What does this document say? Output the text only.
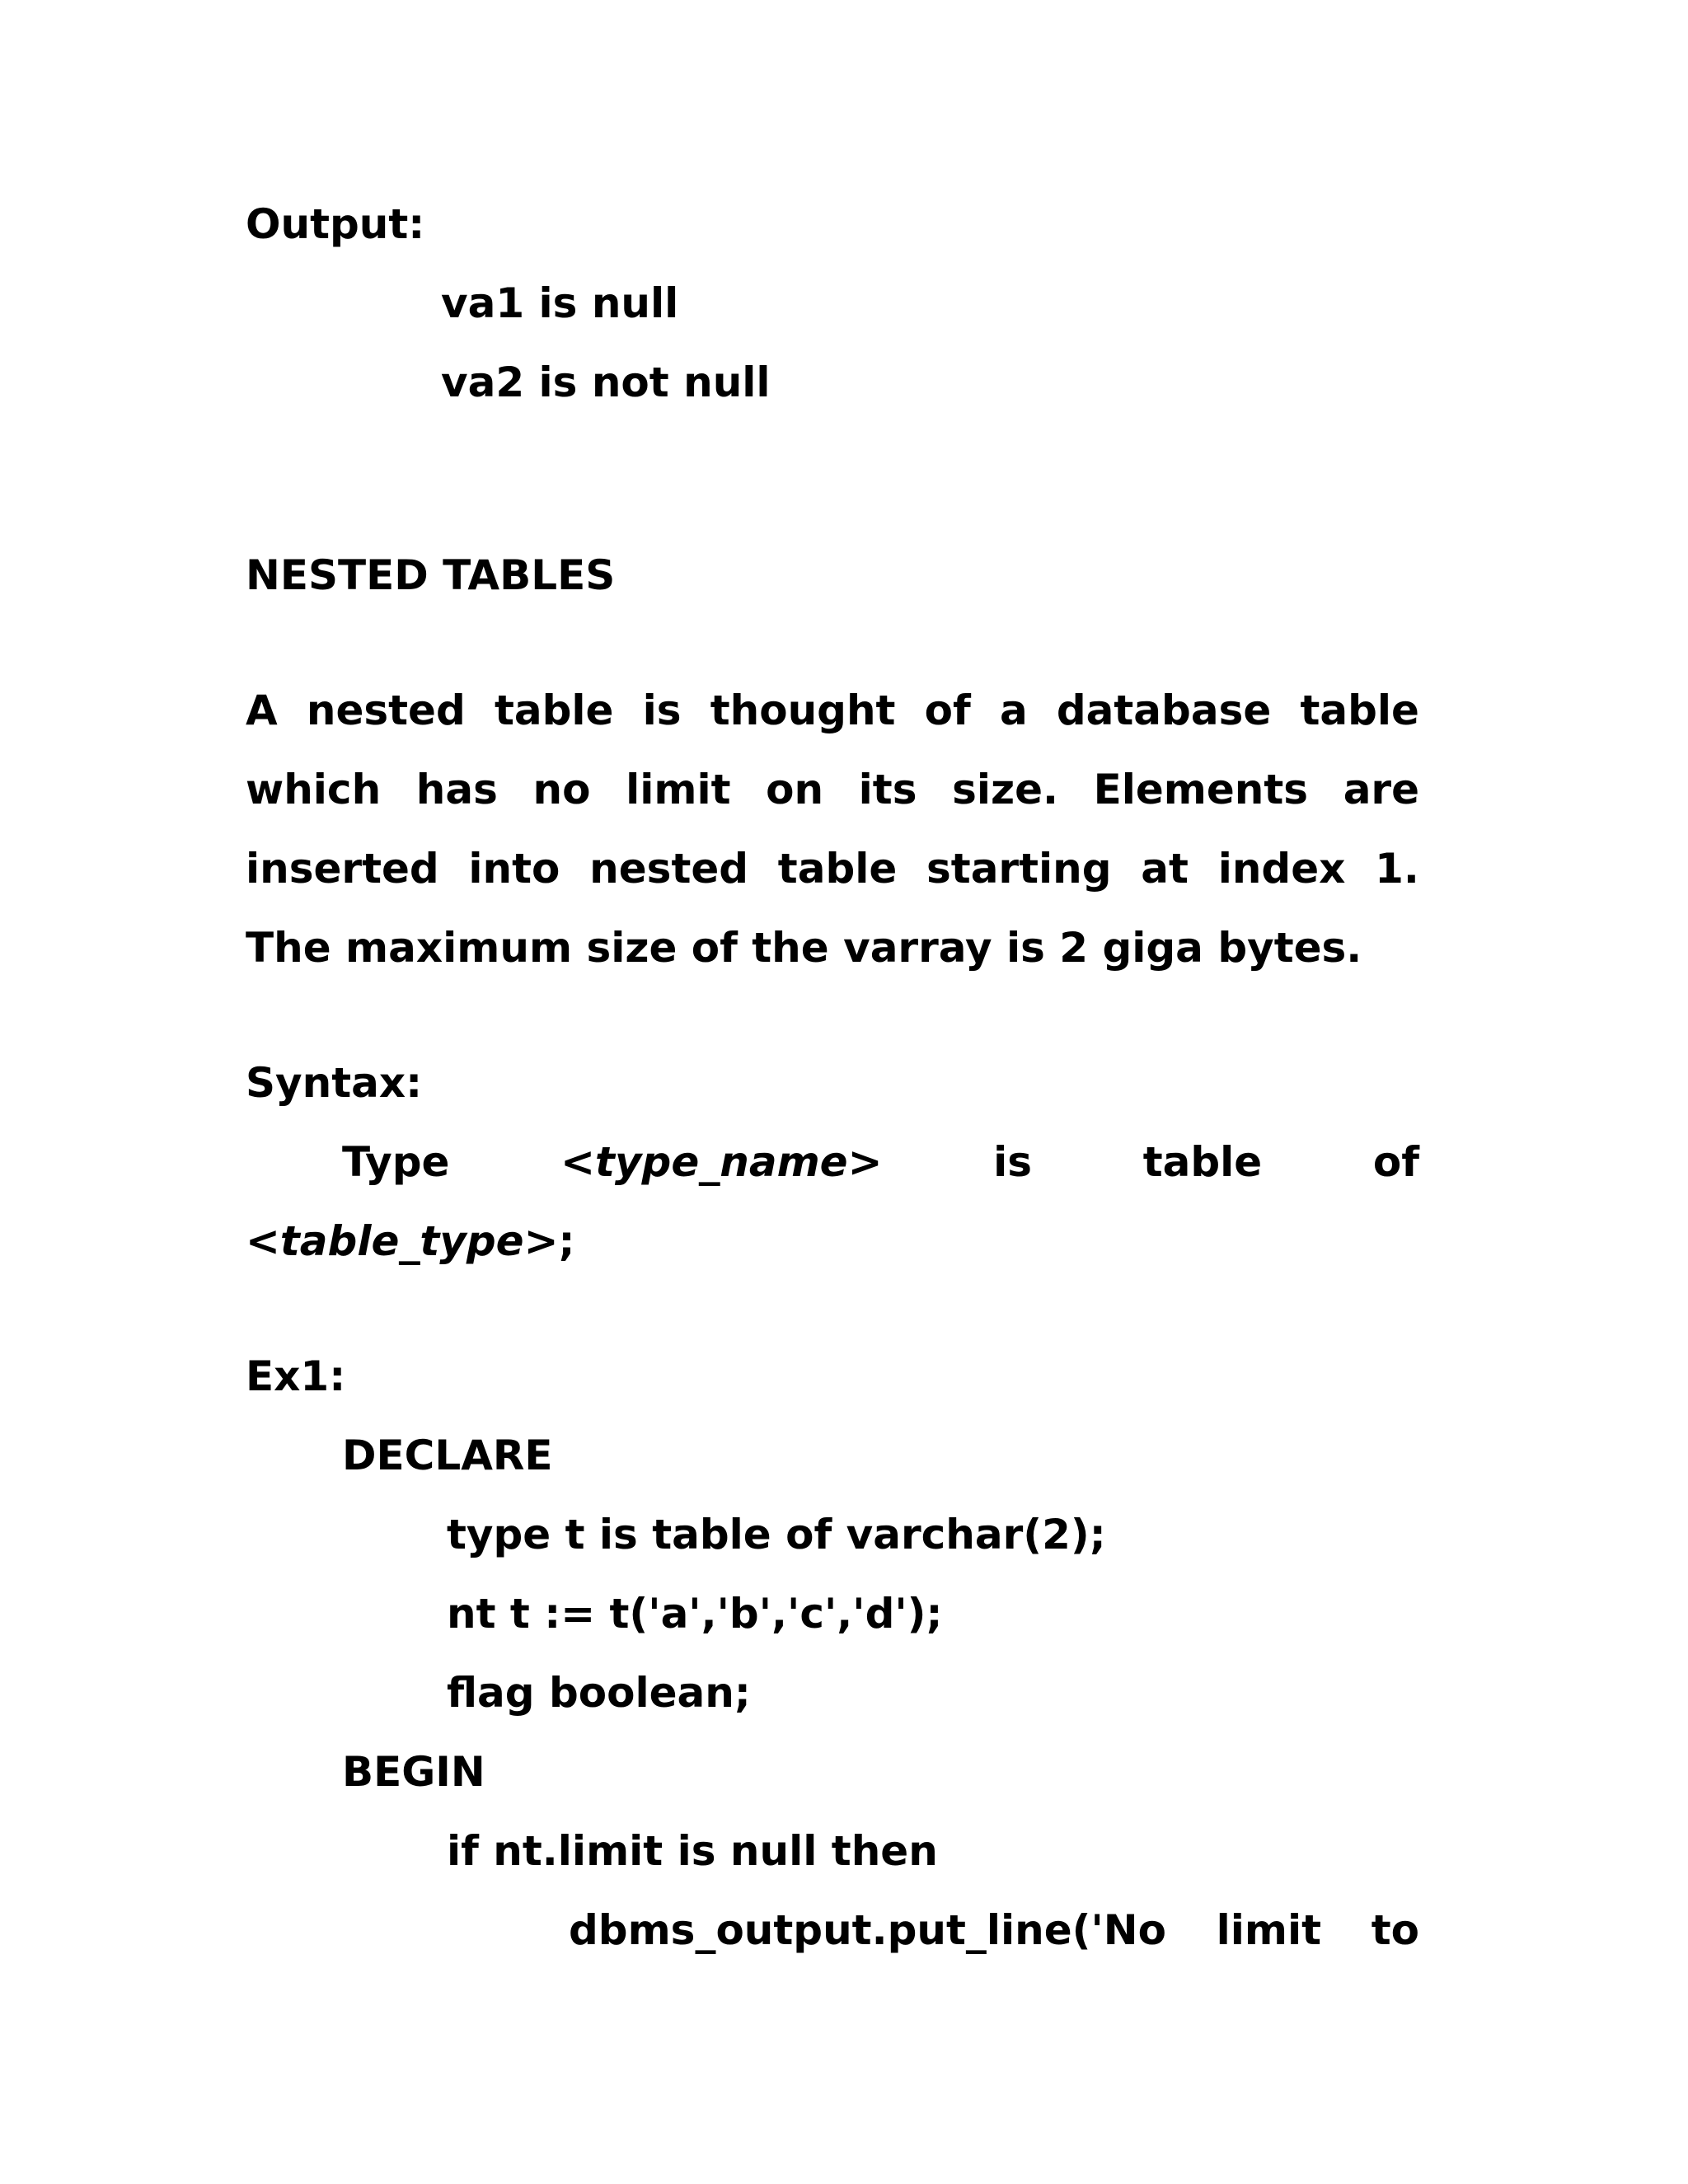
Output:
va1 is null
va2 is not null
NESTED TABLES
A nested table is thought of a database table
which has no limit on its size. Elements are
inserted into nested table starting at index 1.
The maximum size of the varray is 2 giga bytes.
Syntax:
Type	<type_name>	is	table	of
<table_type>;
Ex1:
DECLARE
type t is table of varchar(2);
nt t := t('a','b','c','d');
flag boolean;
BEGIN
if nt.limit is null then
dbms_output.put_line('No limit to
